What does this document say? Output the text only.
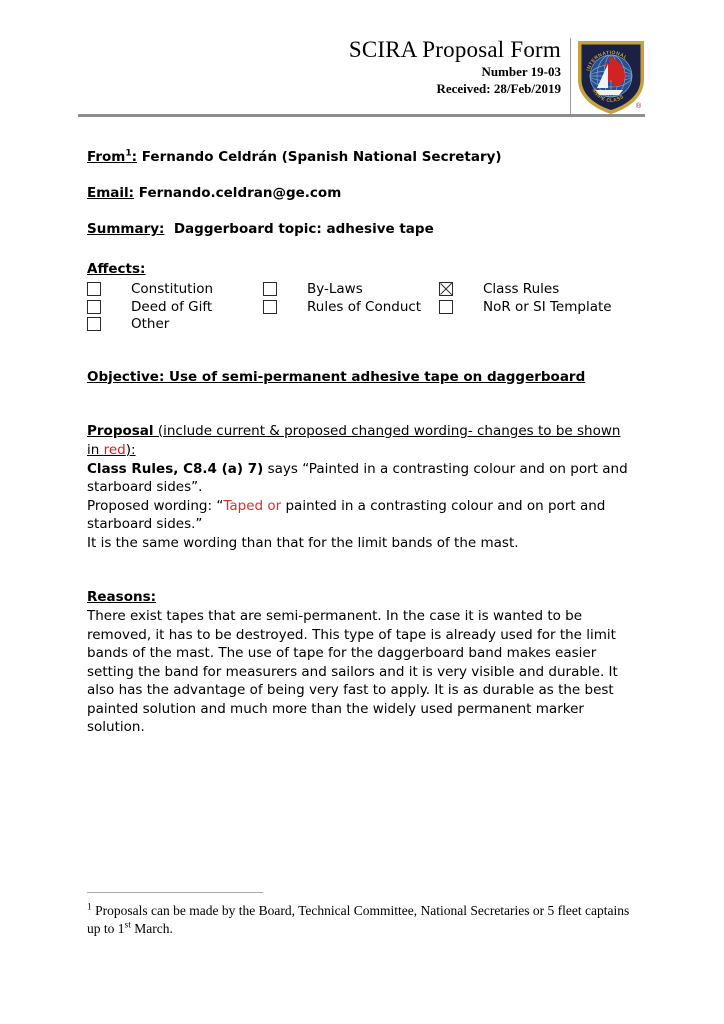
SCIRA Proposal Form
Number 19-03
Received: 28/Feb/2019
INTERNATIONAL
SNIPE CLASS
®
From$^1$: Fernando Celdrán (Spanish National Secretary)
Email: Fernando.celdran@ge.com
Summary: Daggerboard topic: adhesive tape
Affects:
Constitution	By-Laws	Class Rules
Deed of Gift	Rules of Conduct	NoR or SI Template
Other
Objective: Use of semi-permanent adhesive tape on daggerboard
Proposal (include current & proposed changed wording- changes to be shown in red):

Class Rules, C8.4 (a) 7) says “Painted in a contrasting colour and on port and starboard sides”.

Proposed wording: “Taped or painted in a contrasting colour and on port and starboard sides.”

It is the same wording than that for the limit bands of the mast.

Reasons:

There exist tapes that are semi-permanent. In the case it is wanted to be removed, it has to be destroyed. This type of tape is already used for the limit bands of the mast. The use of tape for the daggerboard band makes easier setting the band for measurers and sailors and it is very visible and durable. It also has the advantage of being very fast to apply. It is as durable as the best painted solution and much more than the widely used permanent marker solution.

$^1$ Proposals can be made by the Board, Technical Committee, National Secretaries or 5 fleet captains up to 1st March.
